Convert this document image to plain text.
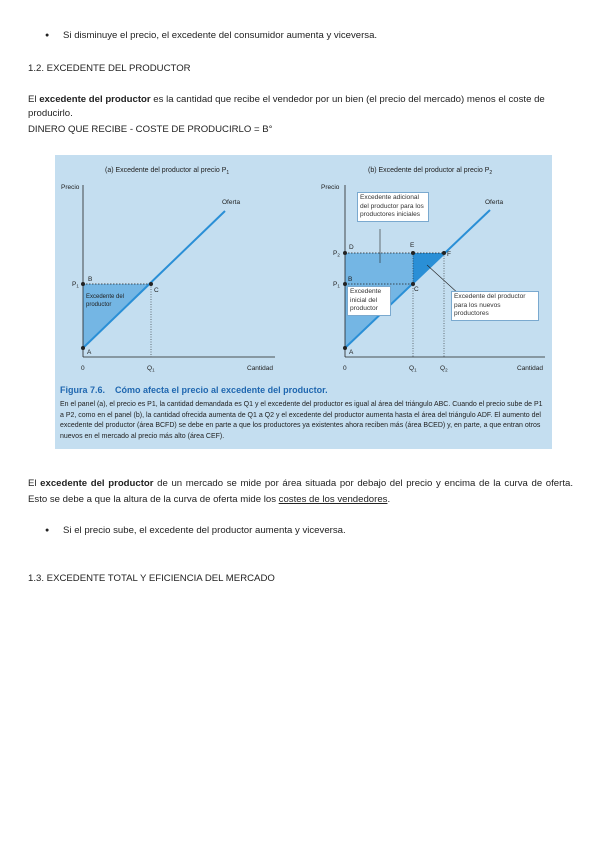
● Si disminuye el precio, el excedente del consumidor aumenta y viceversa.
1.2. EXCEDENTE DEL PRODUCTOR
El excedente del productor es la cantidad que recibe el vendedor por un bien (el precio del mercado) menos el coste de producirlo.
DINERO QUE RECIBE - COSTE DE PRODUCIRLO = B°
(a) Excedente del productor al precio $P_1$
Precio
Oferta
B
C
A
$P_1$
$Q_1$
0	Cantidad
Excedente del productor
(b) Excedente del productor al precio $P_2$
Precio
Oferta
D	E
F
B
C
A
$P_2$
$P_1$
$Q_1$	$Q_2$
0	Cantidad
Excedente adicional del productor para los productores iniciales
Excedente inicial del productor
Excedente del productor para los nuevos productores
Figura 7.6. Cómo afecta el precio al excedente del productor.
En el panel (a), el precio es P1, la cantidad demandada es Q1 y el excedente del productor es igual al área del triángulo ABC. Cuando el precio sube de P1 a P2, como en el panel (b), la cantidad ofrecida aumenta de Q1 a Q2 y el excedente del productor aumenta hasta el área del triángulo ADF. El aumento del excedente del productor (área BCFD) se debe en parte a que los productores ya existentes ahora reciben más (área BCED) y, en parte, a que entran otros nuevos en el mercado al precio más alto (área CEF).
El excedente del productor de un mercado se mide por área situada por debajo del precio y encima de la curva de oferta. Esto se debe a que la altura de la curva de oferta mide los costes de los vendedores.
● Si el precio sube, el excedente del productor aumenta y viceversa.
1.3. EXCEDENTE TOTAL Y EFICIENCIA DEL MERCADO
